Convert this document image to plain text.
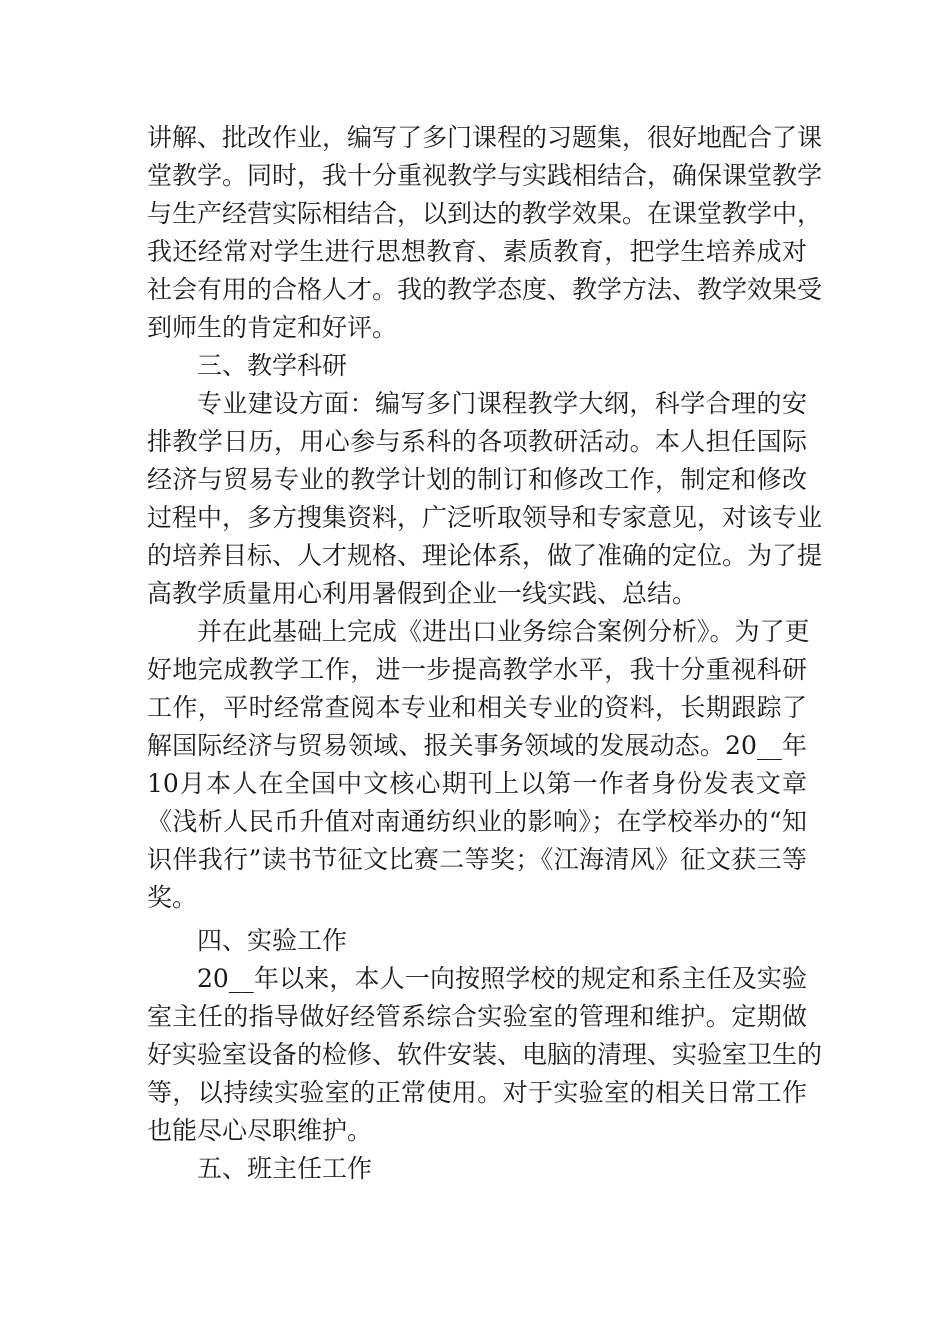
讲解、批改作业，编写了多门课程的习题集，很好地配合了课
堂教学。同时，我十分重视教学与实践相结合，确保课堂教学
与生产经营实际相结合，以到达的教学效果。在课堂教学中，
我还经常对学生进行思想教育、素质教育，把学生培养成对
社会有用的合格人才。我的教学态度、教学方法、教学效果受
到师生的肯定和好评。
三、教学科研
专业建设方面：编写多门课程教学大纲，科学合理的安
排教学日历，用心参与系科的各项教研活动。本人担任国际
经济与贸易专业的教学计划的制订和修改工作，制定和修改
过程中，多方搜集资料，广泛听取领导和专家意见，对该专业
的培养目标、人才规格、理论体系，做了准确的定位。为了提
高教学质量用心利用暑假到企业一线实践、总结。
并在此基础上完成《进出口业务综合案例分析》。为了更
好地完成教学工作，进一步提高教学水平，我十分重视科研
工作，平时经常查阅本专业和相关专业的资料，长期跟踪了
解国际经济与贸易领域、报关事务领域的发展动态。20__年
10月本人在全国中文核心期刊上以第一作者身份发表文章
《浅析人民币升值对南通纺织业的影响》；在学校举办的“知
识伴我行”读书节征文比赛二等奖；《江海清风》征文获三等
奖。
四、实验工作
20__年以来，本人一向按照学校的规定和系主任及实验
室主任的指导做好经管系综合实验室的管理和维护。定期做
好实验室设备的检修、软件安装、电脑的清理、实验室卫生的
等，以持续实验室的正常使用。对于实验室的相关日常工作
也能尽心尽职维护。
五、班主任工作
